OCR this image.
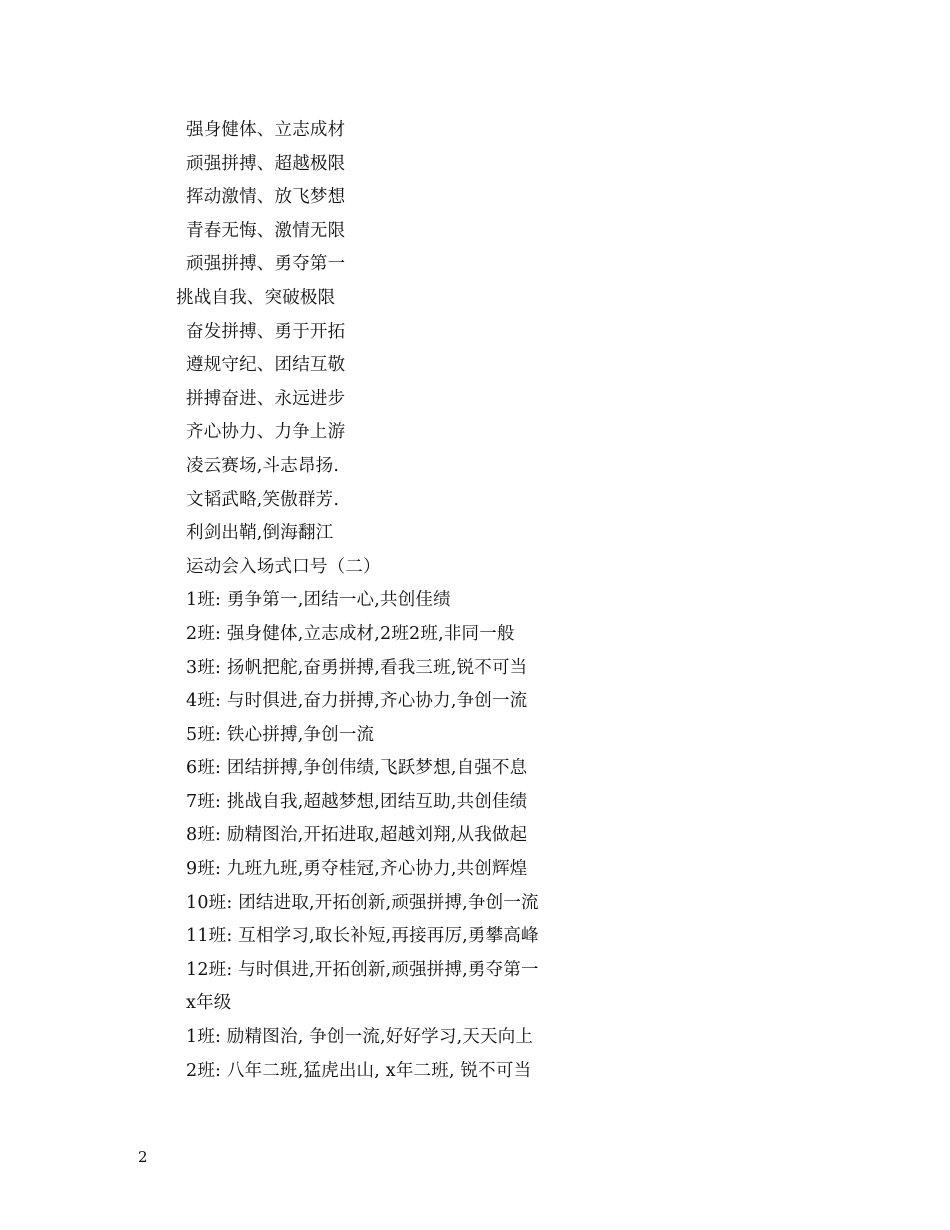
强身健体、立志成材
顽强拼搏、超越极限
挥动激情、放飞梦想
青春无悔、激情无限
顽强拼搏、勇夺第一
挑战自我、突破极限
奋发拼搏、勇于开拓
遵规守纪、团结互敬
拼搏奋进、永远进步
齐心协力、力争上游
凌云赛场,斗志昂扬.
文韬武略,笑傲群芳.
利剑出鞘,倒海翻江
运动会入场式口号（二）
1班: 勇争第一,团结一心,共创佳绩
2班: 强身健体,立志成材,2班2班,非同一般
3班: 扬帆把舵,奋勇拼搏,看我三班,锐不可当
4班: 与时俱进,奋力拼搏,齐心协力,争创一流
5班: 铁心拼搏,争创一流
6班: 团结拼搏,争创伟绩,飞跃梦想,自强不息
7班: 挑战自我,超越梦想,团结互助,共创佳绩
8班: 励精图治,开拓进取,超越刘翔,从我做起
9班: 九班九班,勇夺桂冠,齐心协力,共创辉煌
10班: 团结进取,开拓创新,顽强拼搏,争创一流
11班: 互相学习,取长补短,再接再厉,勇攀高峰
12班: 与时俱进,开拓创新,顽强拼搏,勇夺第一
x年级
1班: 励精图治, 争创一流,好好学习,天天向上
2班: 八年二班,猛虎出山, x年二班, 锐不可当
2
